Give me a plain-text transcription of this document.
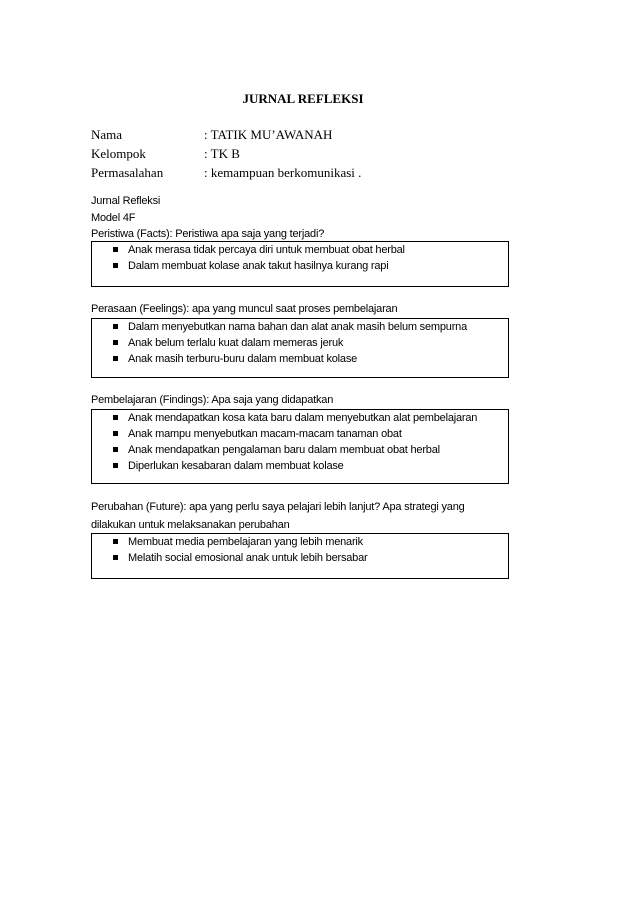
JURNAL REFLEKSI
Nama	: TATIK MU’AWANAH
Kelompok	: TK B
Permasalahan	: kemampuan berkomunikasi .
Jurnal Refleksi
Model 4F
Peristiwa (Facts): Peristiwa apa saja yang terjadi?
Anak merasa tidak percaya diri untuk membuat obat herbal
Dalam membuat kolase anak takut hasilnya kurang rapi
Perasaan (Feelings): apa yang muncul saat proses pembelajaran
Dalam menyebutkan nama bahan dan alat anak masih belum sempurna
Anak belum terlalu kuat dalam memeras jeruk
Anak masih terburu-buru dalam membuat kolase
Pembelajaran (Findings): Apa saja yang didapatkan
Anak mendapatkan kosa kata baru dalam menyebutkan alat pembelajaran
Anak mampu menyebutkan macam-macam tanaman obat
Anak mendapatkan pengalaman baru dalam membuat obat herbal
Diperlukan kesabaran dalam membuat kolase
Perubahan (Future): apa yang perlu saya pelajari lebih lanjut? Apa strategi yang
dilakukan untuk melaksanakan perubahan
Membuat media pembelajaran yang lebih menarik
Melatih social emosional anak untuk lebih bersabar
